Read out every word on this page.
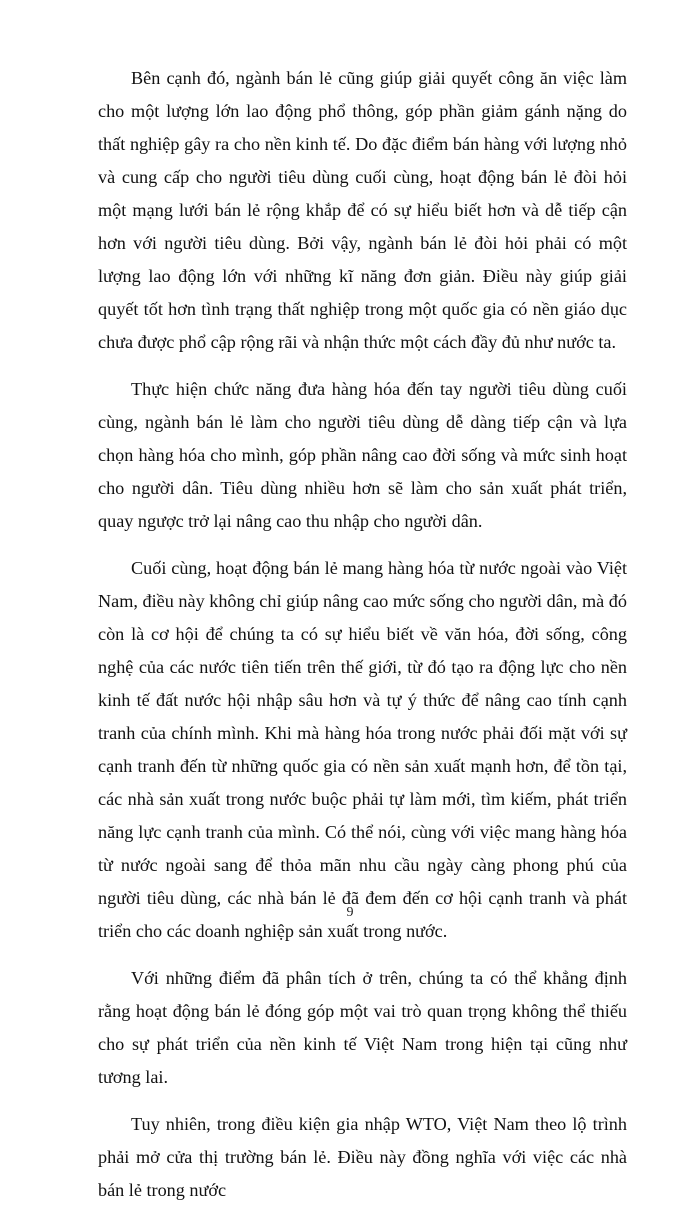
Bên cạnh đó, ngành bán lẻ cũng giúp giải quyết công ăn việc làm cho một lượng lớn lao động phổ thông, góp phần giảm gánh nặng do thất nghiệp gây ra cho nền kinh tế. Do đặc điểm bán hàng với lượng nhỏ và cung cấp cho người tiêu dùng cuối cùng, hoạt động bán lẻ đòi hỏi một mạng lưới bán lẻ rộng khắp để có sự hiểu biết hơn và dễ tiếp cận hơn với người tiêu dùng. Bởi vậy, ngành bán lẻ đòi hỏi phải có một lượng lao động lớn với những kĩ năng đơn giản. Điều này giúp giải quyết tốt hơn tình trạng thất nghiệp trong một quốc gia có nền giáo dục chưa được phổ cập rộng rãi và nhận thức một cách đầy đủ như nước ta.

Thực hiện chức năng đưa hàng hóa đến tay người tiêu dùng cuối cùng, ngành bán lẻ làm cho người tiêu dùng dễ dàng tiếp cận và lựa chọn hàng hóa cho mình, góp phần nâng cao đời sống và mức sinh hoạt cho người dân. Tiêu dùng nhiều hơn sẽ làm cho sản xuất phát triển, quay ngược trở lại nâng cao thu nhập cho người dân.

Cuối cùng, hoạt động bán lẻ mang hàng hóa từ nước ngoài vào Việt Nam, điều này không chỉ giúp nâng cao mức sống cho người dân, mà đó còn là cơ hội để chúng ta có sự hiểu biết về văn hóa, đời sống, công nghệ của các nước tiên tiến trên thế giới, từ đó tạo ra động lực cho nền kinh tế đất nước hội nhập sâu hơn và tự ý thức để nâng cao tính cạnh tranh của chính mình. Khi mà hàng hóa trong nước phải đối mặt với sự cạnh tranh đến từ những quốc gia có nền sản xuất mạnh hơn, để tồn tại, các nhà sản xuất trong nước buộc phải tự làm mới, tìm kiếm, phát triển năng lực cạnh tranh của mình. Có thể nói, cùng với việc mang hàng hóa từ nước ngoài sang để thỏa mãn nhu cầu ngày càng phong phú của người tiêu dùng, các nhà bán lẻ đã đem đến cơ hội cạnh tranh và phát triển cho các doanh nghiệp sản xuất trong nước.

Với những điểm đã phân tích ở trên, chúng ta có thể khẳng định rằng hoạt động bán lẻ đóng góp một vai trò quan trọng không thể thiếu cho sự phát triển của nền kinh tế Việt Nam trong hiện tại cũng như tương lai.

Tuy nhiên, trong điều kiện gia nhập WTO, Việt Nam theo lộ trình phải mở cửa thị trường bán lẻ. Điều này đồng nghĩa với việc các nhà bán lẻ trong nước

9
